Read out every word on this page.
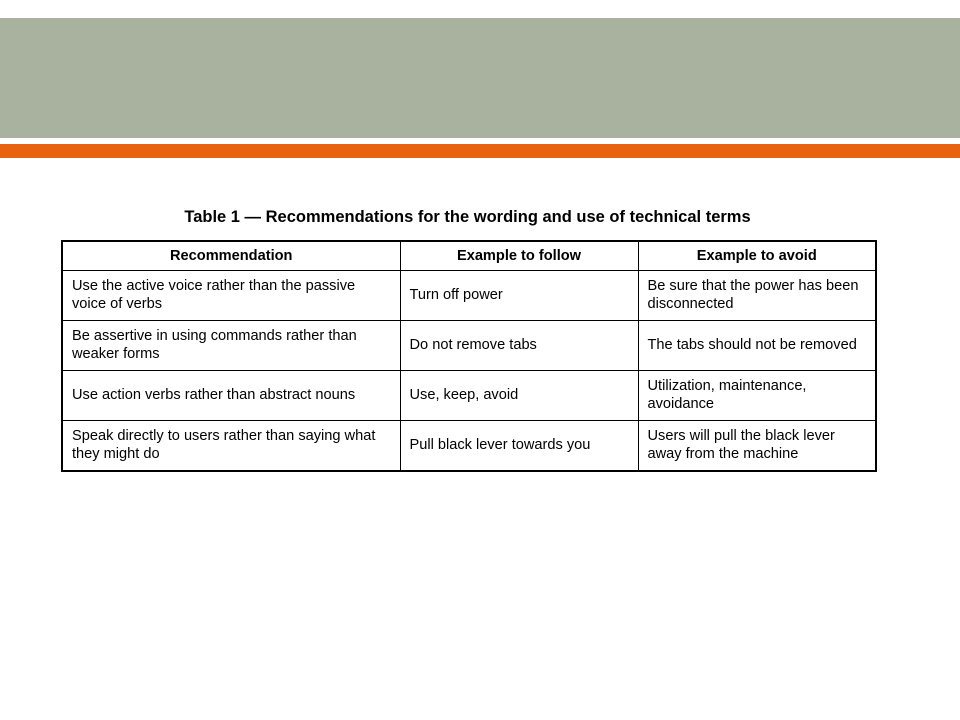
Table 1 — Recommendations for the wording and use of technical terms
Recommendation	Example to follow	Example to avoid
Use the active voice rather than the passive voice of verbs	Turn off power	Be sure that the power has been disconnected
Be assertive in using commands rather than weaker forms	Do not remove tabs	The tabs should not be removed
Use action verbs rather than abstract nouns	Use, keep, avoid	Utilization, maintenance, avoidance
Speak directly to users rather than saying what they might do	Pull black lever towards you	Users will pull the black lever away from the machine
